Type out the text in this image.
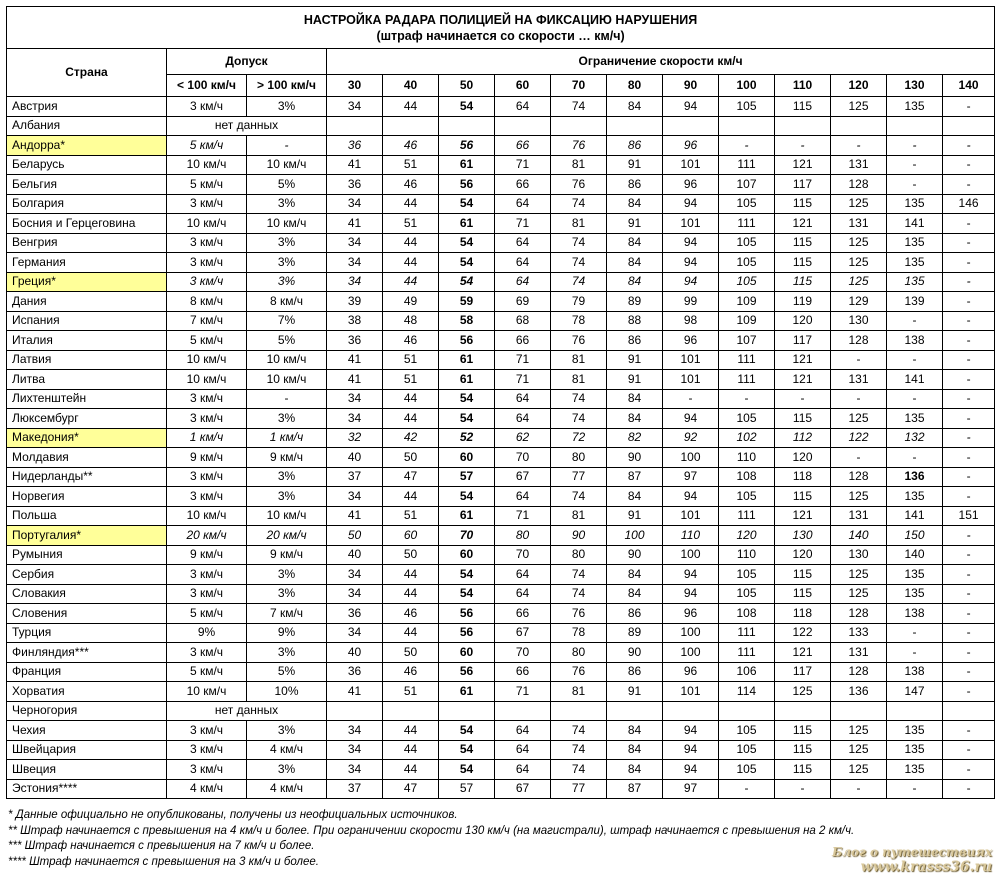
НАСТРОЙКА РАДАРА ПОЛИЦИЕЙ НА ФИКСАЦИЮ НАРУШЕНИЯ
(штраф начинается со скорости … км/ч)														

Страна	Допуск		Ограничение скорости км/ч											
	< 100 км/ч	> 100 км/ч	30	40	50	60	70	80	90	100	110	120	130	140
Австрия	3 км/ч	3%	34	44	54	64	74	84	94	105	115	125	135	-
Албания	нет данных													
Андорра*	5 км/ч	-	36	46	56	66	76	86	96	-	-	-	-	-
Беларусь	10 км/ч	10 км/ч	41	51	61	71	81	91	101	111	121	131	-	-
Бельгия	5 км/ч	5%	36	46	56	66	76	86	96	107	117	128	-	-
Болгария	3 км/ч	3%	34	44	54	64	74	84	94	105	115	125	135	146
Босния и Герцеговина	10 км/ч	10 км/ч	41	51	61	71	81	91	101	111	121	131	141	-
Венгрия	3 км/ч	3%	34	44	54	64	74	84	94	105	115	125	135	-
Германия	3 км/ч	3%	34	44	54	64	74	84	94	105	115	125	135	-
Греция*	3 км/ч	3%	34	44	54	64	74	84	94	105	115	125	135	-
Дания	8 км/ч	8 км/ч	39	49	59	69	79	89	99	109	119	129	139	-
Испания	7 км/ч	7%	38	48	58	68	78	88	98	109	120	130	-	-
Италия	5 км/ч	5%	36	46	56	66	76	86	96	107	117	128	138	-
Латвия	10 км/ч	10 км/ч	41	51	61	71	81	91	101	111	121	-	-	-
Литва	10 км/ч	10 км/ч	41	51	61	71	81	91	101	111	121	131	141	-
Лихтенштейн	3 км/ч	-	34	44	54	64	74	84	-	-	-	-	-	-
Люксембург	3 км/ч	3%	34	44	54	64	74	84	94	105	115	125	135	-
Македония*	1 км/ч	1 км/ч	32	42	52	62	72	82	92	102	112	122	132	-
Молдавия	9 км/ч	9 км/ч	40	50	60	70	80	90	100	110	120	-	-	-
Нидерланды**	3 км/ч	3%	37	47	57	67	77	87	97	108	118	128	136	-
Норвегия	3 км/ч	3%	34	44	54	64	74	84	94	105	115	125	135	-
Польша	10 км/ч	10 км/ч	41	51	61	71	81	91	101	111	121	131	141	151
Португалия*	20 км/ч	20 км/ч	50	60	70	80	90	100	110	120	130	140	150	-
Румыния	9 км/ч	9 км/ч	40	50	60	70	80	90	100	110	120	130	140	-
Сербия	3 км/ч	3%	34	44	54	64	74	84	94	105	115	125	135	-
Словакия	3 км/ч	3%	34	44	54	64	74	84	94	105	115	125	135	-
Словения	5 км/ч	7 км/ч	36	46	56	66	76	86	96	108	118	128	138	-
Турция	9%	9%	34	44	56	67	78	89	100	111	122	133	-	-
Финляндия***	3 км/ч	3%	40	50	60	70	80	90	100	111	121	131	-	-
Франция	5 км/ч	5%	36	46	56	66	76	86	96	106	117	128	138	-
Хорватия	10 км/ч	10%	41	51	61	71	81	91	101	114	125	136	147	-
Черногория	нет данных													
Чехия	3 км/ч	3%	34	44	54	64	74	84	94	105	115	125	135	-
Швейцария	3 км/ч	4 км/ч	34	44	54	64	74	84	94	105	115	125	135	-
Швеция	3 км/ч	3%	34	44	54	64	74	84	94	105	115	125	135	-
Эстония****	4 км/ч	4 км/ч	37	47	57	67	77	87	97	-	-	-	-	-
* Данные официально не опубликованы, получены из неофициальных источников.
** Штраф начинается с превышения на 4 км/ч и более. При ограничении скорости 130 км/ч (на магистрали), штраф начинается с превышения на 2 км/ч.
*** Штраф начинается с превышения на 7 км/ч и более.
**** Штраф начинается с превышения на 3 км/ч и более.
Блог о путешествиях
www.krasss36.ru
